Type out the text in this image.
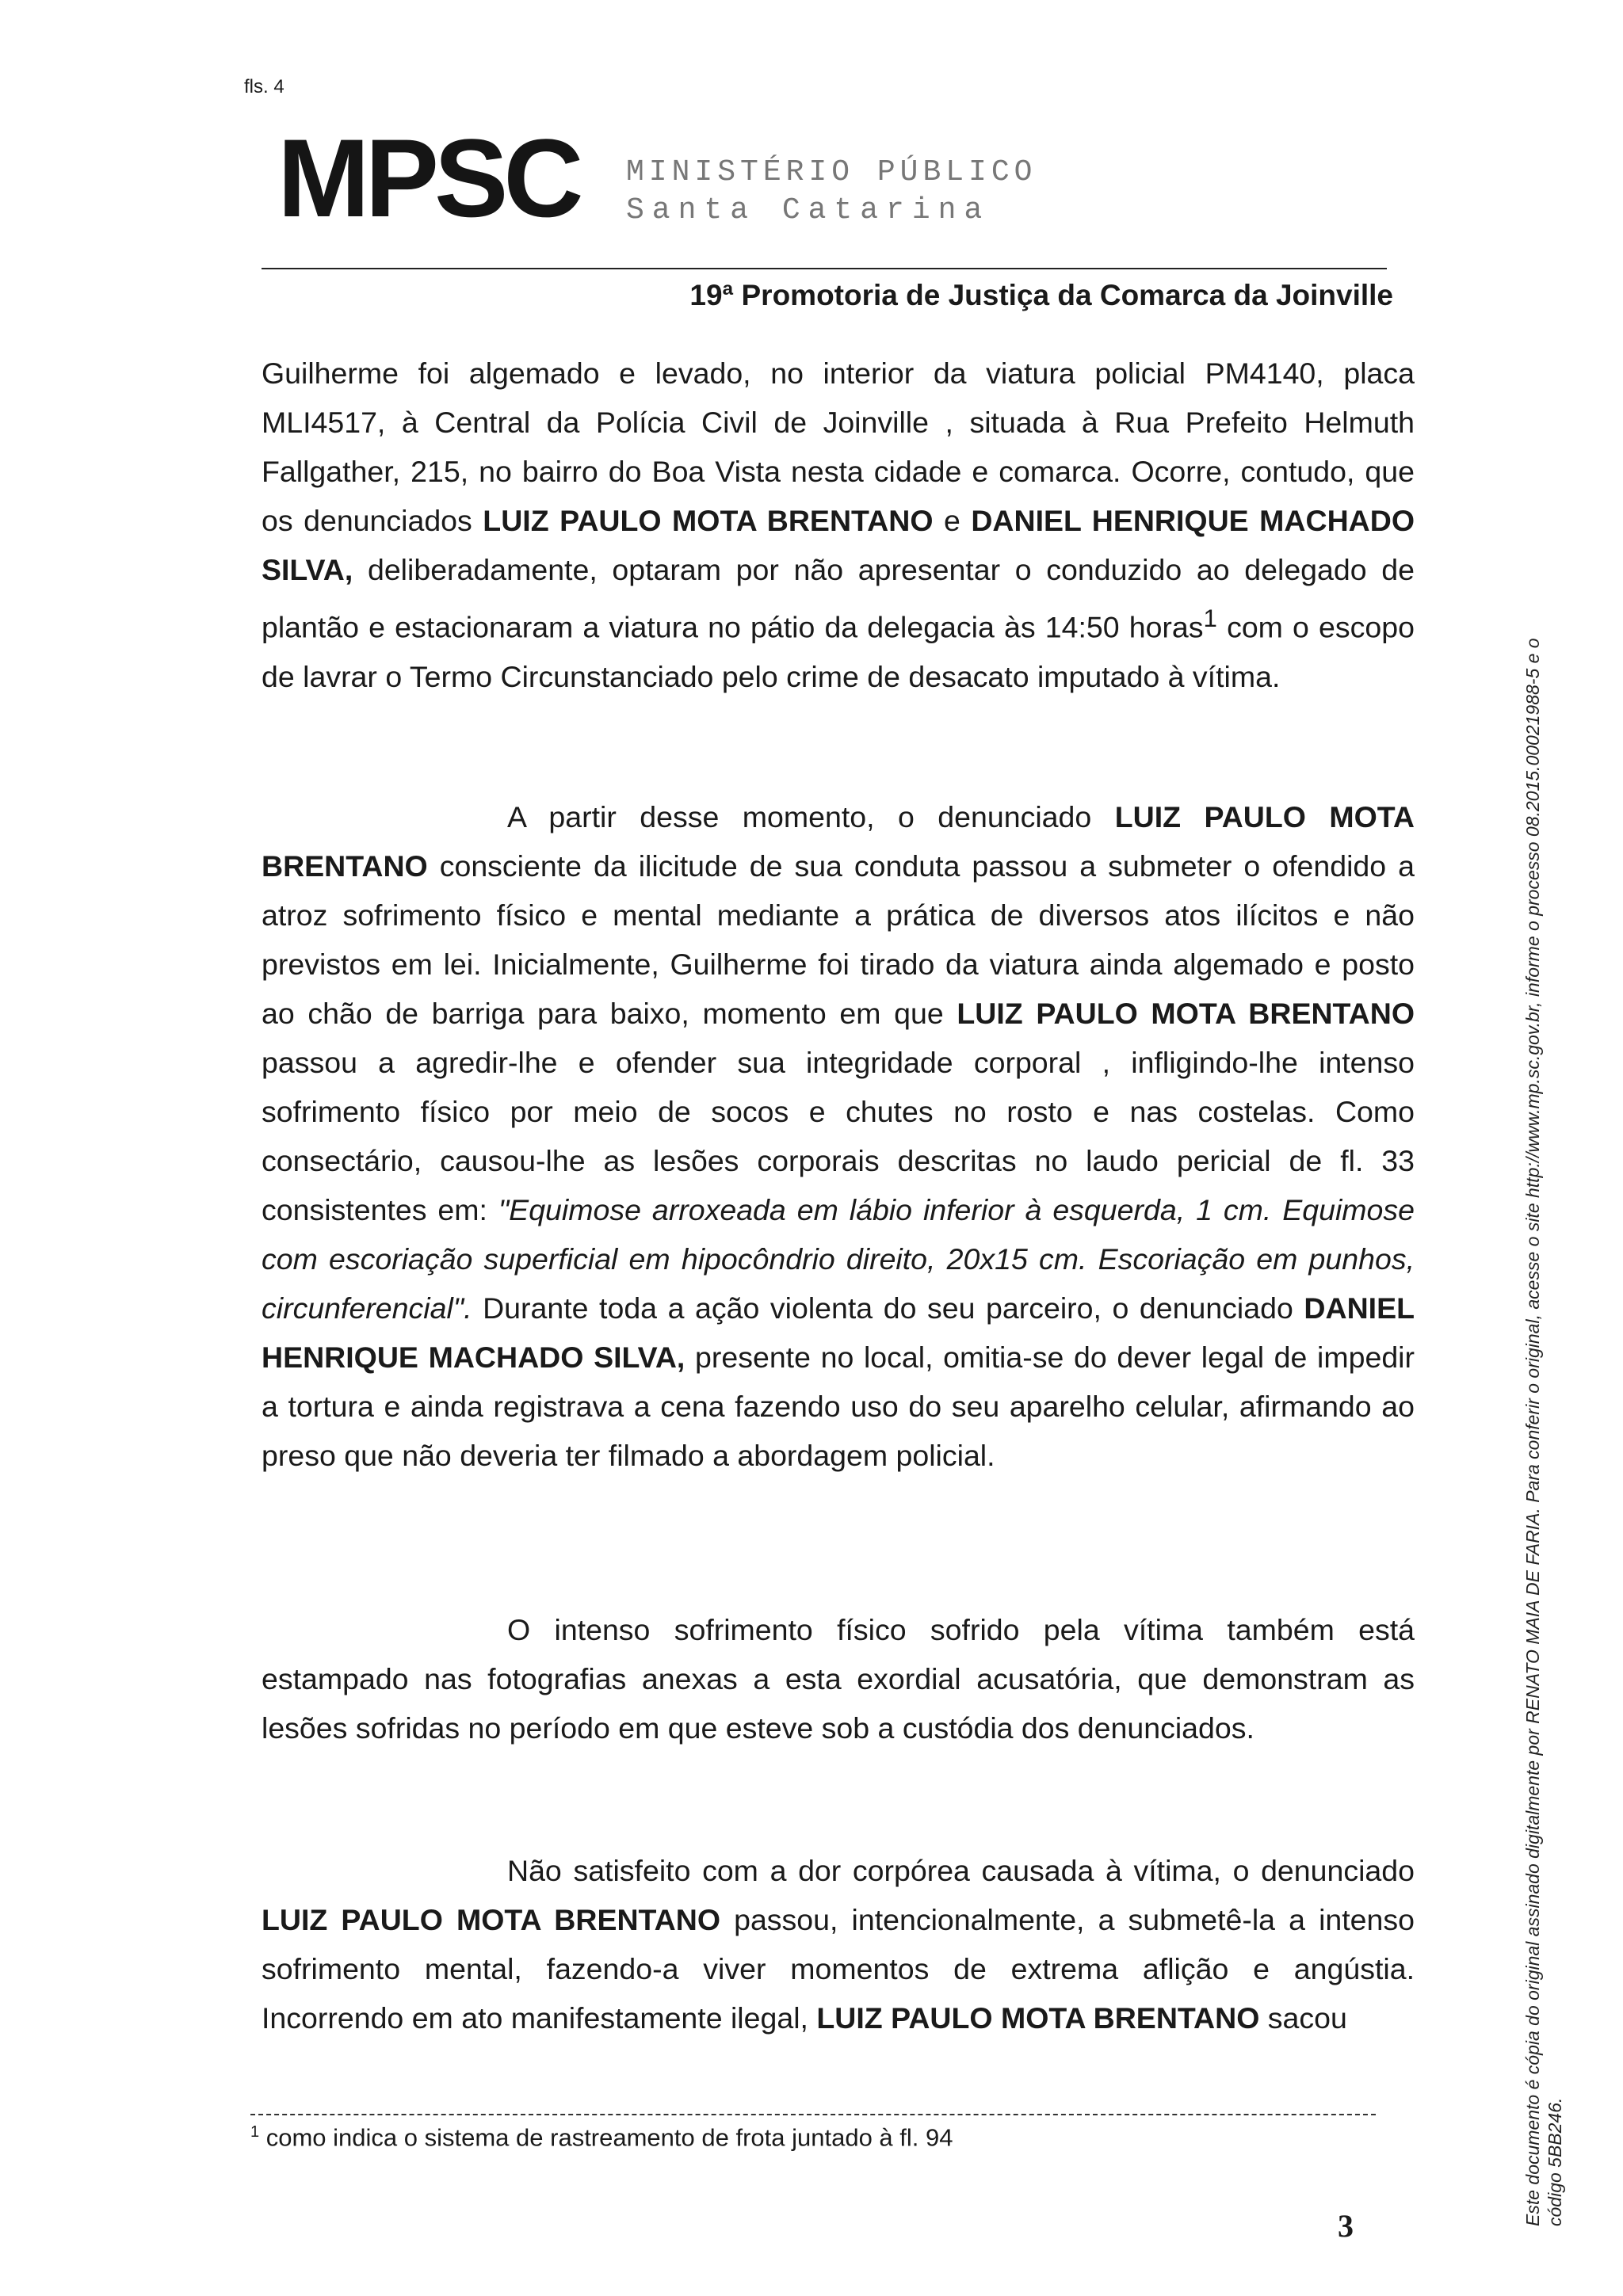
fls. 4
MPSC MINISTÉRIO PÚBLICO
Santa Catarina
19ª Promotoria de Justiça da Comarca da Joinville

Guilherme foi algemado e levado, no interior da viatura policial PM4140, placa MLI4517, à Central da Polícia Civil de Joinville , situada à Rua Prefeito Helmuth Fallgather, 215, no bairro do Boa Vista nesta cidade e comarca. Ocorre, contudo, que os denunciados LUIZ PAULO MOTA BRENTANO e DANIEL HENRIQUE MACHADO SILVA, deliberadamente, optaram por não apresentar o conduzido ao delegado de plantão e estacionaram a viatura no pátio da delegacia às 14:50 horas$^1$ com o escopo de lavrar o Termo Circunstanciado pelo crime de desacato imputado à vítima.

A partir desse momento, o denunciado LUIZ PAULO MOTA BRENTANO consciente da ilicitude de sua conduta passou a submeter o ofendido a atroz sofrimento físico e mental mediante a prática de diversos atos ilícitos e não previstos em lei. Inicialmente, Guilherme foi tirado da viatura ainda algemado e posto ao chão de barriga para baixo, momento em que LUIZ PAULO MOTA BRENTANO passou a agredir-lhe e ofender sua integridade corporal , infligindo-lhe intenso sofrimento físico por meio de socos e chutes no rosto e nas costelas. Como consectário, causou-lhe as lesões corporais descritas no laudo pericial de fl. 33 consistentes em: "Equimose arroxeada em lábio inferior à esquerda, 1 cm. Equimose com escoriação superficial em hipocôndrio direito, 20x15 cm. Escoriação em punhos, circunferencial". Durante toda a ação violenta do seu parceiro, o denunciado DANIEL HENRIQUE MACHADO SILVA, presente no local, omitia-se do dever legal de impedir a tortura e ainda registrava a cena fazendo uso do seu aparelho celular, afirmando ao preso que não deveria ter filmado a abordagem policial.

O intenso sofrimento físico sofrido pela vítima também está estampado nas fotografias anexas a esta exordial acusatória, que demonstram as lesões sofridas no período em que esteve sob a custódia dos denunciados.

Não satisfeito com a dor corpórea causada à vítima, o denunciado LUIZ PAULO MOTA BRENTANO passou, intencionalmente, a submetê-la a intenso sofrimento mental, fazendo-a viver momentos de extrema aflição e angústia. Incorrendo em ato manifestamente ilegal, LUIZ PAULO MOTA BRENTANO sacou

$^1$ como indica o sistema de rastreamento de frota juntado à fl. 94
3	Este documento é cópia do original assinado digitalmente por RENATO MAIA DE FARIA. Para conferir o original, acesse o site http://www.mp.sc.gov.br, informe o processo 08.2015.00021988-5 e o código 5BB246.
